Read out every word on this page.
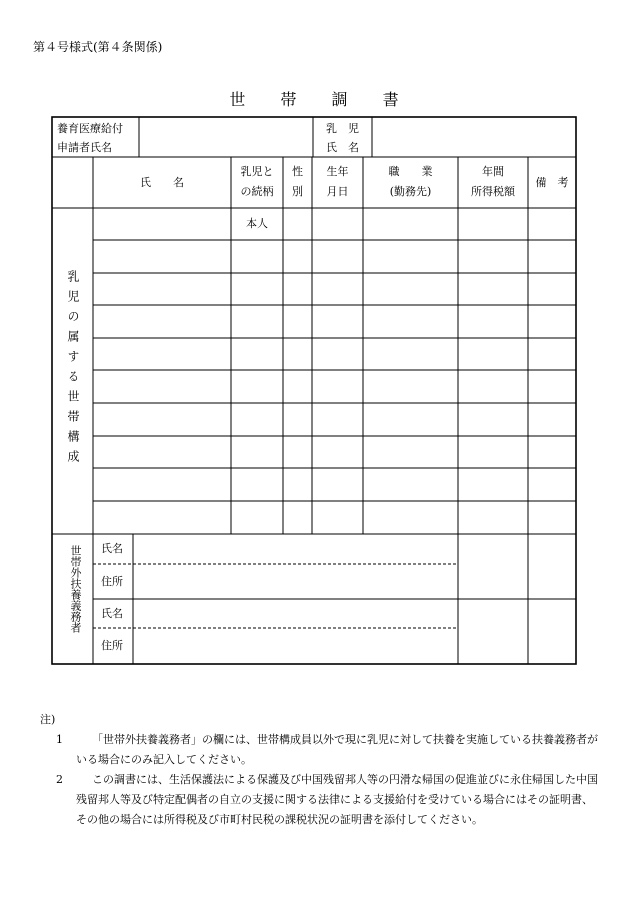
第４号様式(第４条関係)
世 帯 調 書
養育医療給付
申請者氏名
乳　児
氏　名
氏　　名
乳児と
の続柄
性
別
生年
月日
職　　業
(勤務先)
年間
所得税額
備　考
本人
乳児の属する世帯構成
世帯外扶養義務者 氏名
住所
氏名
住所
注)
1	「世帯外扶養義務者」の欄には、世帯構成員以外で現に乳児に対して扶養を実施している扶養義務者がいる場合にのみ記入してください。
2	この調書には、生活保護法による保護及び中国残留邦人等の円滑な帰国の促進並びに永住帰国した中国残留邦人等及び特定配偶者の自立の支援に関する法律による支援給付を受けている場合にはその証明書、その他の場合には所得税及び市町村民税の課税状況の証明書を添付してください。
